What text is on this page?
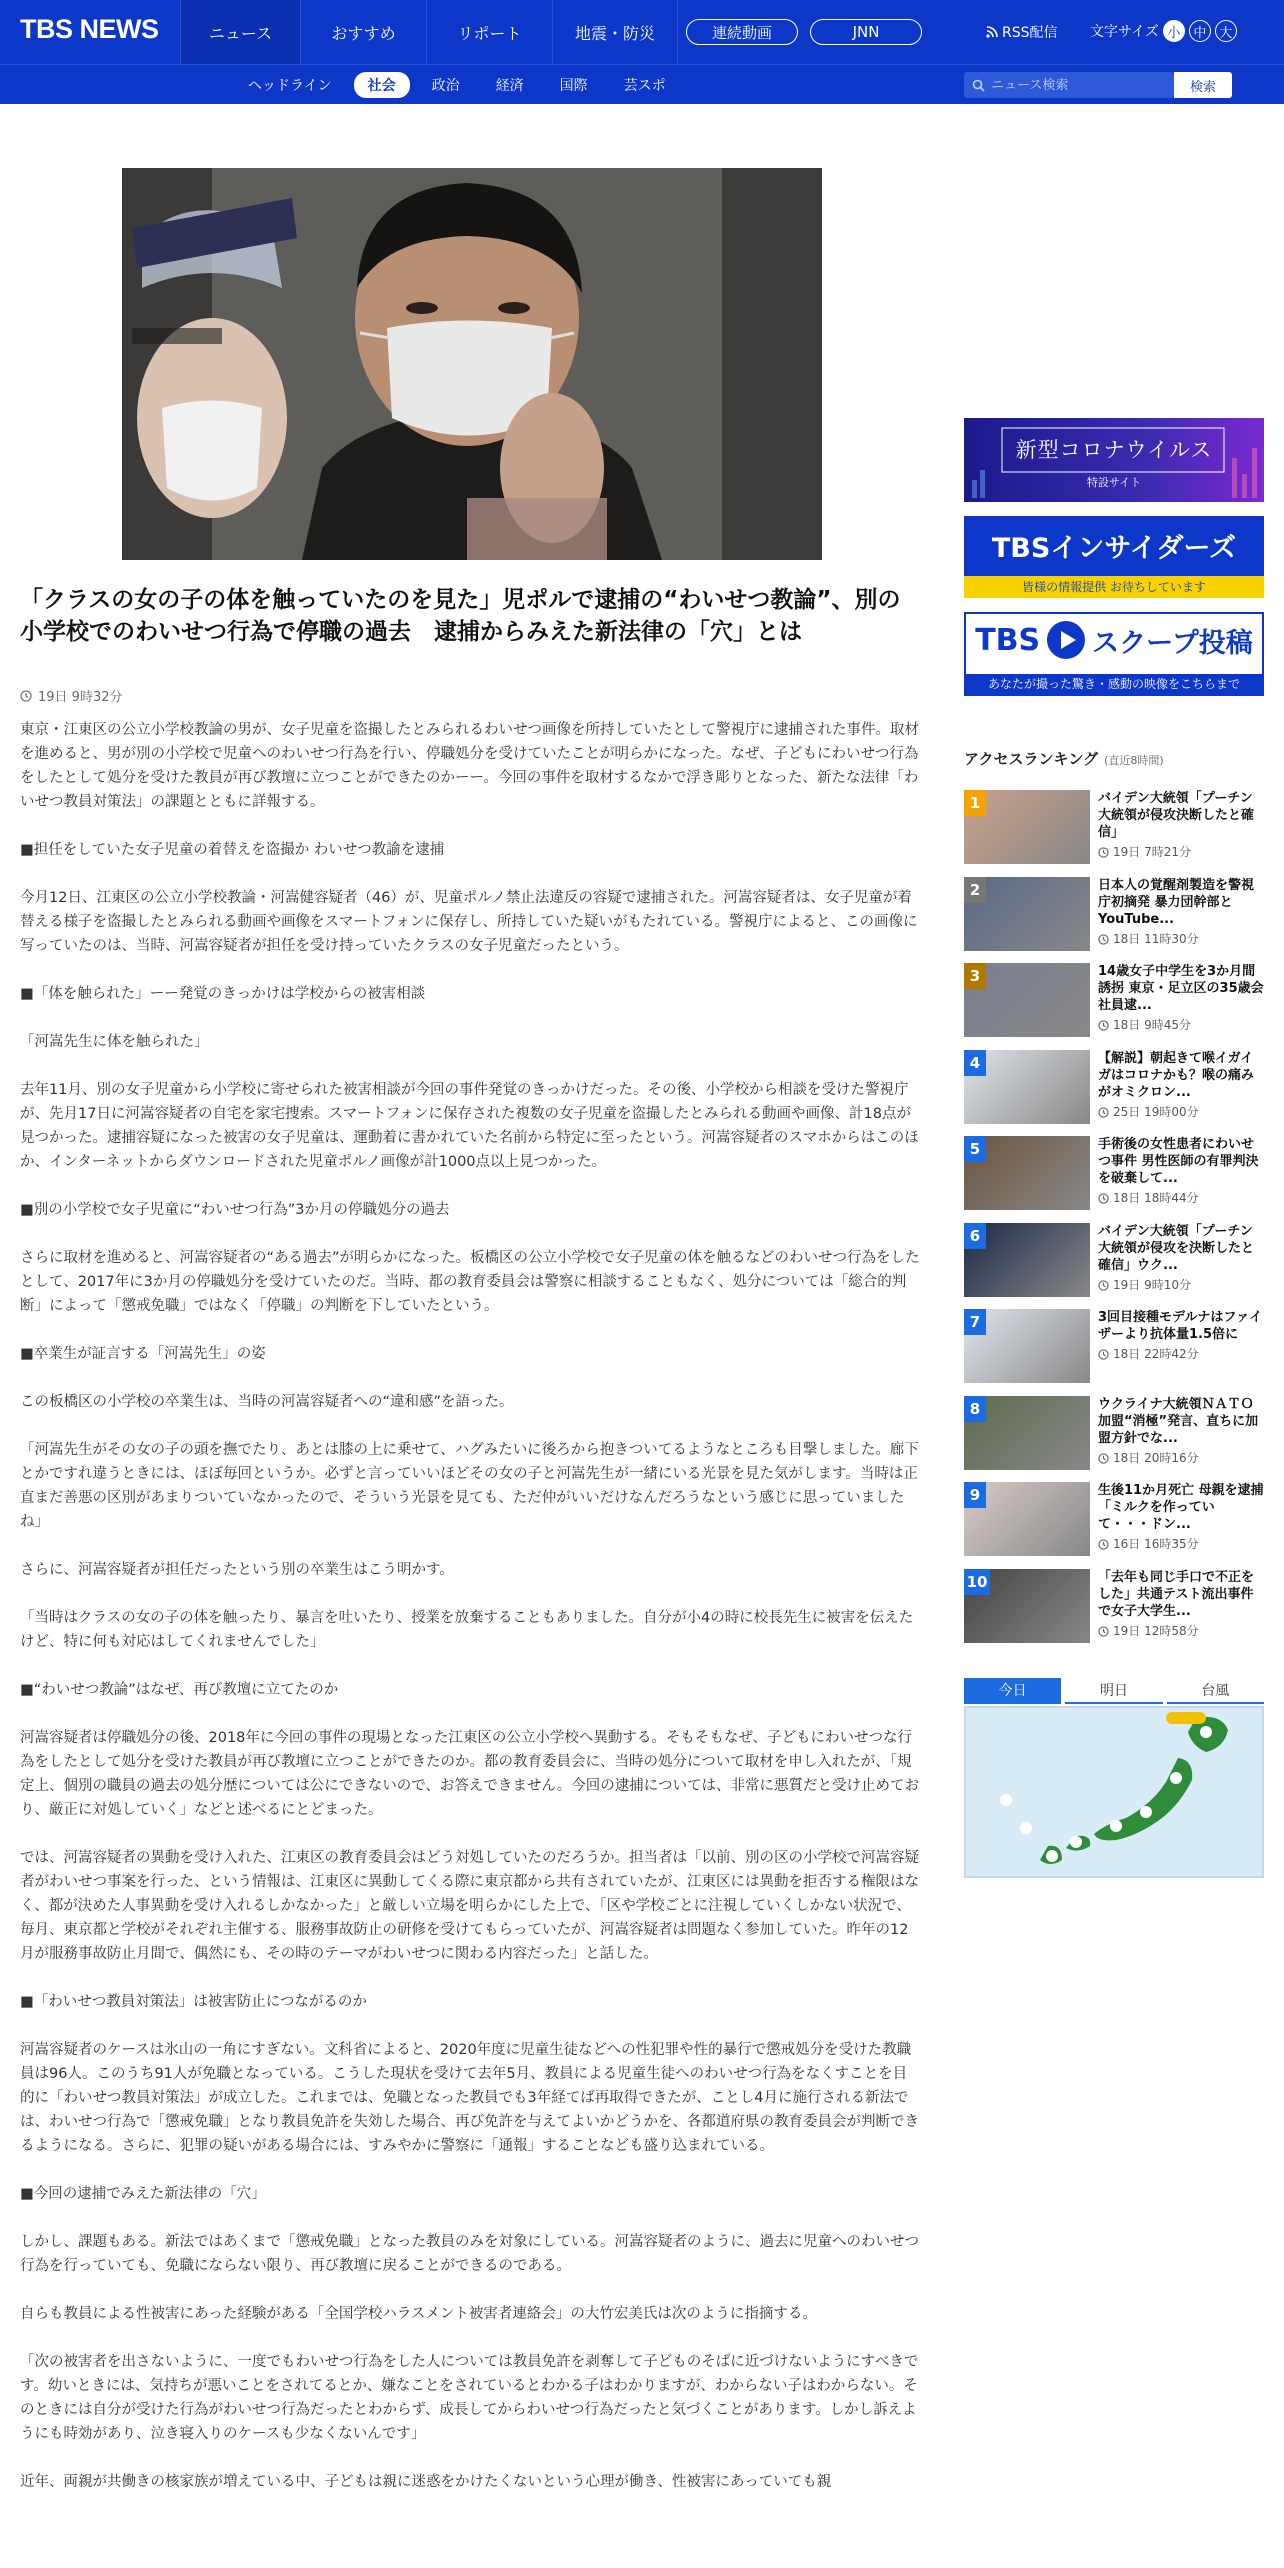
TBS NEWS	ニュース	おすすめ	リポート	地震・防災	連続動画	JNN	RSS配信 文字サイズ 小 中 大
ヘッドライン	社会	政治	経済	国際	芸スポ
ニュース検索	検索
「クラスの女の子の体を触っていたのを見た」児ポルで逮捕の“わいせつ教論”、別の小学校でのわいせつ行為で停職の過去　逮捕からみえた新法律の「穴」とは
19日 9時32分

東京・江東区の公立小学校教論の男が、女子児童を盗撮したとみられるわいせつ画像を所持していたとして警視庁に逮捕された事件。取材を進めると、男が別の小学校で児童へのわいせつ行為を行い、停職処分を受けていたことが明らかになった。なぜ、子どもにわいせつ行為をしたとして処分を受けた教員が再び教壇に立つことができたのかーー。今回の事件を取材するなかで浮き彫りとなった、新たな法律「わいせつ教員対策法」の課題とともに詳報する。

■担任をしていた女子児童の着替えを盗撮か わいせつ教諭を逮捕

今月12日、江東区の公立小学校教論・河嵩健容疑者（46）が、児童ポルノ禁止法違反の容疑で逮捕された。河嵩容疑者は、女子児童が着替える様子を盗撮したとみられる動画や画像をスマートフォンに保存し、所持していた疑いがもたれている。警視庁によると、この画像に写っていたのは、当時、河嵩容疑者が担任を受け持っていたクラスの女子児童だったという。

■「体を触られた」ーー発覚のきっかけは学校からの被害相談

「河嵩先生に体を触られた」

去年11月、別の女子児童から小学校に寄せられた被害相談が今回の事件発覚のきっかけだった。その後、小学校から相談を受けた警視庁が、先月17日に河嵩容疑者の自宅を家宅捜索。スマートフォンに保存された複数の女子児童を盗撮したとみられる動画や画像、計18点が見つかった。逮捕容疑になった被害の女子児童は、運動着に書かれていた名前から特定に至ったという。河嵩容疑者のスマホからはこのほか、インターネットからダウンロードされた児童ポルノ画像が計1000点以上見つかった。

■別の小学校で女子児童に“わいせつ行為”3か月の停職処分の過去

さらに取材を進めると、河嵩容疑者の“ある過去”が明らかになった。板橋区の公立小学校で女子児童の体を触るなどのわいせつ行為をしたとして、2017年に3か月の停職処分を受けていたのだ。当時、都の教育委員会は警察に相談することもなく、処分については「総合的判断」によって「懲戒免職」ではなく「停職」の判断を下していたという。

■卒業生が証言する「河嵩先生」の姿

この板橋区の小学校の卒業生は、当時の河嵩容疑者への“違和感”を語った。

「河嵩先生がその女の子の頭を撫でたり、あとは膝の上に乗せて、ハグみたいに後ろから抱きついてるようなところも目撃しました。廊下とかですれ違うときには、ほぼ毎回というか。必ずと言っていいほどその女の子と河嵩先生が一緒にいる光景を見た気がします。当時は正直まだ善悪の区別があまりついていなかったので、そういう光景を見ても、ただ仲がいいだけなんだろうなという感じに思っていましたね」

さらに、河嵩容疑者が担任だったという別の卒業生はこう明かす。

「当時はクラスの女の子の体を触ったり、暴言を吐いたり、授業を放棄することもありました。自分が小4の時に校長先生に被害を伝えたけど、特に何も対応はしてくれませんでした」

■“わいせつ教論”はなぜ、再び教壇に立てたのか

河嵩容疑者は停職処分の後、2018年に今回の事件の現場となった江東区の公立小学校へ異動する。そもそもなぜ、子どもにわいせつな行為をしたとして処分を受けた教員が再び教壇に立つことができたのか。都の教育委員会に、当時の処分について取材を申し入れたが、「規定上、個別の職員の過去の処分歴については公にできないので、お答えできません。今回の逮捕については、非常に悪質だと受け止めており、厳正に対処していく」などと述べるにとどまった。

では、河嵩容疑者の異動を受け入れた、江東区の教育委員会はどう対処していたのだろうか。担当者は「以前、別の区の小学校で河嵩容疑者がわいせつ事案を行った、という情報は、江東区に異動してくる際に東京都から共有されていたが、江東区には異動を拒否する権限はなく、都が決めた人事異動を受け入れるしかなかった」と厳しい立場を明らかにした上で、「区や学校ごとに注視していくしかない状況で、毎月、東京都と学校がそれぞれ主催する、服務事故防止の研修を受けてもらっていたが、河嵩容疑者は問題なく参加していた。昨年の12月が服務事故防止月間で、偶然にも、その時のテーマがわいせつに関わる内容だった」と話した。

■「わいせつ教員対策法」は被害防止につながるのか

河嵩容疑者のケースは氷山の一角にすぎない。文科省によると、2020年度に児童生徒などへの性犯罪や性的暴行で懲戒処分を受けた教職員は96人。このうち91人が免職となっている。こうした現状を受けて去年5月、教員による児童生徒へのわいせつ行為をなくすことを目的に「わいせつ教員対策法」が成立した。これまでは、免職となった教員でも3年経てば再取得できたが、ことし4月に施行される新法では、わいせつ行為で「懲戒免職」となり教員免許を失効した場合、再び免許を与えてよいかどうかを、各都道府県の教育委員会が判断できるようになる。さらに、犯罪の疑いがある場合には、すみやかに警察に「通報」することなども盛り込まれている。

■今回の逮捕でみえた新法律の「穴」

しかし、課題もある。新法ではあくまで「懲戒免職」となった教員のみを対象にしている。河嵩容疑者のように、過去に児童へのわいせつ行為を行っていても、免職にならない限り、再び教壇に戻ることができるのである。

自らも教員による性被害にあった経験がある「全国学校ハラスメント被害者連絡会」の大竹宏美氏は次のように指摘する。

「次の被害者を出さないように、一度でもわいせつ行為をした人については教員免許を剥奪して子どものそばに近づけないようにすべきです。幼いときには、気持ちが悪いことをされてるとか、嫌なことをされているとわかる子はわかりますが、わからない子はわからない。そのときには自分が受けた行為がわいせつ行為だったとわからず、成長してからわいせつ行為だったと気づくことがあります。しかし訴えようにも時効があり、泣き寝入りのケースも少なくないんです」

近年、両親が共働きの核家族が増えている中、子どもは親に迷惑をかけたくないという心理が働き、性被害にあっていても親

新型コロナウイルス
特設サイト
TBSインサイダーズ
皆様の情報提供 お待ちしています
TBS スクープ投稿
あなたが撮った驚き・感動の映像をこちらまで
アクセスランキング (直近8時間)
1	バイデン大統領「プーチン大統領が侵攻決断したと確信」
19日 7時21分
2	日本人の覚醒剤製造を警視庁初摘発 暴力団幹部とYouTube...
18日 11時30分
3	14歳女子中学生を3か月間誘拐 東京・足立区の35歳会社員逮...
18日 9時45分
4	【解説】朝起きて喉イガイガはコロナかも？喉の痛みがオミクロン...
25日 19時00分
5	手術後の女性患者にわいせつ事件 男性医師の有罪判決を破棄して...
18日 18時44分
6	バイデン大統領「プーチン大統領が侵攻を決断したと確信」ウク...
19日 9時10分
7	3回目接種モデルナはファイザーより抗体量1.5倍に
18日 22時42分
8	ウクライナ大統領ＮＡＴＯ加盟“消極”発言、直ちに加盟方針でな...
18日 20時16分
9	生後11か月死亡 母親を逮捕「ミルクを作っていて・・・ドン...
16日 16時35分
10	「去年も同じ手口で不正をした」共通テスト流出事件で女子大学生...
19日 12時58分
今日	明日	台風
